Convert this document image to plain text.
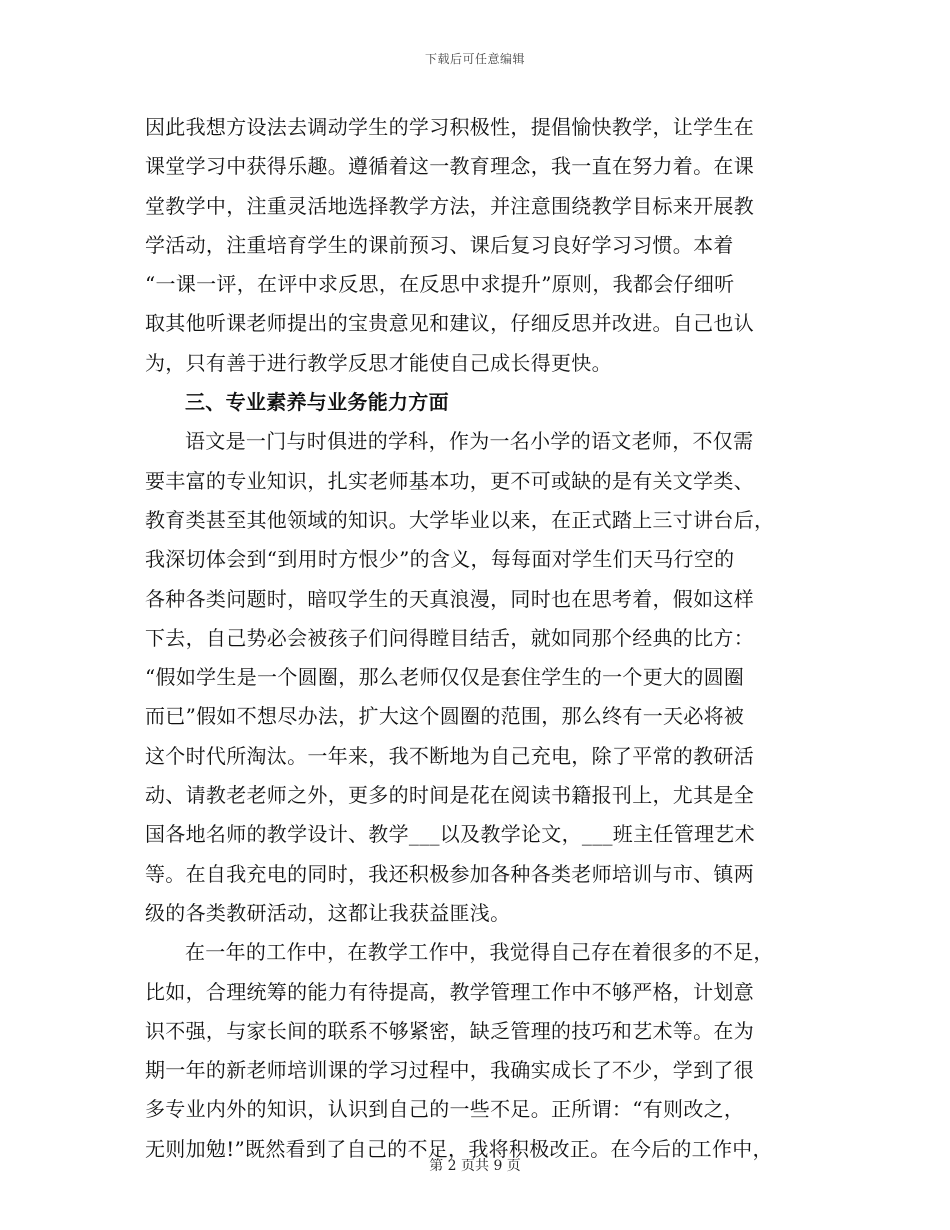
下载后可任意编辑
因此我想方设法去调动学生的学习积极性，提倡愉快教学，让学生在
课堂学习中获得乐趣。遵循着这一教育理念，我一直在努力着。在课
堂教学中，注重灵活地选择教学方法，并注意围绕教学目标来开展教
学活动，注重培育学生的课前预习、课后复习良好学习习惯。本着
“一课一评，在评中求反思，在反思中求提升”原则，我都会仔细听
取其他听课老师提出的宝贵意见和建议，仔细反思并改进。自己也认
为，只有善于进行教学反思才能使自己成长得更快。
三、专业素养与业务能力方面
语文是一门与时俱进的学科，作为一名小学的语文老师，不仅需
要丰富的专业知识，扎实老师基本功，更不可或缺的是有关文学类、
教育类甚至其他领域的知识。大学毕业以来，在正式踏上三寸讲台后，
我深切体会到“到用时方恨少”的含义，每每面对学生们天马行空的
各种各类问题时，暗叹学生的天真浪漫，同时也在思考着，假如这样
下去，自己势必会被孩子们问得瞠目结舌，就如同那个经典的比方：
“假如学生是一个圆圈，那么老师仅仅是套住学生的一个更大的圆圈
而已”假如不想尽办法，扩大这个圆圈的范围，那么终有一天必将被
这个时代所淘汰。一年来，我不断地为自己充电，除了平常的教研活
动、请教老老师之外，更多的时间是花在阅读书籍报刊上，尤其是全
国各地名师的教学设计、教学___以及教学论文，___班主任管理艺术
等。在自我充电的同时，我还积极参加各种各类老师培训与市、镇两
级的各类教研活动，这都让我获益匪浅。
在一年的工作中，在教学工作中，我觉得自己存在着很多的不足，
比如，合理统筹的能力有待提高，教学管理工作中不够严格，计划意
识不强，与家长间的联系不够紧密，缺乏管理的技巧和艺术等。在为
期一年的新老师培训课的学习过程中，我确实成长了不少，学到了很
多专业内外的知识，认识到自己的一些不足。正所谓：“有则改之，
无则加勉!”既然看到了自己的不足，我将积极改正。在今后的工作中，
第 2 页共 9 页
